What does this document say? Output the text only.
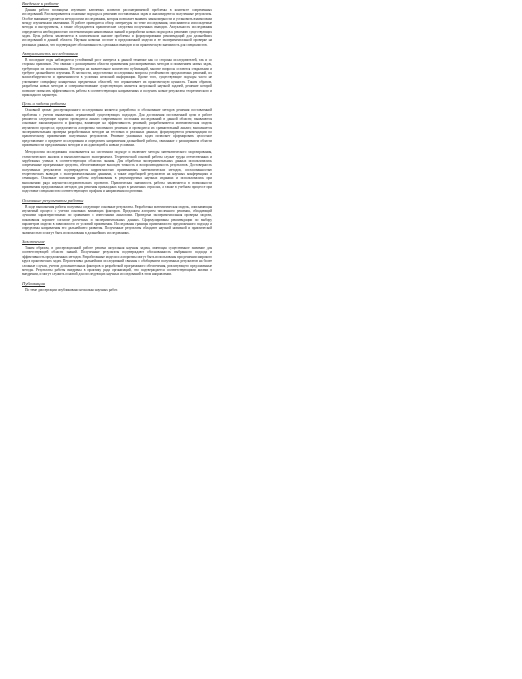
Введение к работе
Данная работа посвящена изучению ключевых аспектов рассматриваемой проблемы в контексте современных исследований. Рассматриваются основные подходы к решению поставленных задач и анализируются полученные результаты. Особое внимание уделяется методологии исследования, которая позволяет выявить закономерности и установить взаимосвязи между изучаемыми явлениями. В работе приводится обзор литературы по теме исследования, описываются используемые методы и инструменты, а также обсуждаются практические следствия полученных выводов. Актуальность исследования определяется необходимостью систематизации накопленных знаний и разработки новых подходов к решению существующих задач. Цель работы заключается в комплексном анализе проблемы и формулировании рекомендаций для дальнейших исследований в данной области. Научная новизна состоит в предложенной модели и ее экспериментальной проверке на реальных данных, что подтверждает обоснованность сделанных выводов и их практическую значимость для специалистов.
Актуальность исследования
В последние годы наблюдается устойчивый рост интереса к данной тематике как со стороны исследователей, так и со стороны практиков. Это связано с расширением области применения рассматриваемых методов и появлением новых задач, требующих их использования. Несмотря на значительное количество публикаций, многие вопросы остаются открытыми и требуют дальнейшего изучения. В частности, недостаточно исследованы вопросы устойчивости предлагаемых решений, их масштабируемости и применимости в условиях неполной информации. Кроме того, существующие подходы часто не учитывают специфику конкретных предметных областей, что ограничивает их практическую ценность. Таким образом, разработка новых методов и совершенствование существующих является актуальной научной задачей, решение которой позволит повысить эффективность работы в соответствующих направлениях и получить новые результаты теоретического и прикладного характера.
Цель и задачи работы
Основной целью диссертационного исследования является разработка и обоснование методов решения поставленной проблемы с учетом выявленных ограничений существующих подходов. Для достижения поставленной цели в работе решаются следующие задачи: проводится анализ современного состояния исследований в данной области; выявляются основные закономерности и факторы, влияющие на эффективность решений; разрабатывается математическая модель изучаемого процесса; предлагаются алгоритмы численного решения и проводится их сравнительный анализ; выполняется экспериментальная проверка разработанных методов на тестовых и реальных данных; формулируются рекомендации по практическому применению полученных результатов. Решение указанных задач позволяет сформировать целостное представление о предмете исследования и определить направления дальнейшей работы, связанные с расширением области применимости предложенных методов и их адаптацией к новым условиям.
Методология исследования основывается на системном подходе и включает методы математического моделирования, статистического анализа и вычислительного эксперимента. Теоретической основой работы служат труды отечественных и зарубежных ученых в соответствующих областях знания. Для обработки экспериментальных данных использовались современные программные средства, обеспечивающие высокую точность и воспроизводимость результатов. Достоверность полученных результатов подтверждается корректностью применяемых математических методов, согласованностью теоретических выводов с экспериментальными данными, а также апробацией результатов на научных конференциях и семинарах. Основные положения работы опубликованы в рецензируемых научных изданиях и использовались при выполнении ряда научно-исследовательских проектов. Практическая значимость работы заключается в возможности применения предложенных методов для решения прикладных задач в различных отраслях, а также в учебном процессе при подготовке специалистов соответствующего профиля и направления подготовки.
Основные результаты работы
В ходе выполнения работы получены следующие основные результаты. Разработана математическая модель, описывающая изучаемый процесс с учетом основных влияющих факторов. Предложен алгоритм численного решения, обладающий лучшими характеристиками по сравнению с известными аналогами. Проведена экспериментальная проверка модели, показавшая хорошее согласие расчетных и экспериментальных данных. Сформулированы рекомендации по выбору параметров модели в зависимости от условий применения. Исследованы границы применимости предложенного подхода и определены направления его дальнейшего развития. Полученные результаты обладают научной новизной и практической значимостью и могут быть использованы в дальнейших исследованиях.
Заключение
Таким образом, в диссертационной работе решена актуальная научная задача, имеющая существенное значение для соответствующей области знаний. Полученные результаты подтверждают обоснованность выбранного подхода и эффективность предложенных методов. Разработанные модели и алгоритмы могут быть использованы при решении широкого круга практических задач. Перспективы дальнейших исследований связаны с обобщением полученных результатов на более сложные случаи, учетом дополнительных факторов и разработкой программного обеспечения, реализующего предложенные методы. Результаты работы внедрены в практику ряда организаций, что подтверждается соответствующими актами о внедрении, и могут служить основой для последующих научных исследований в этом направлении.
Публикации
По теме диссертации опубликовано несколько научных работ.
